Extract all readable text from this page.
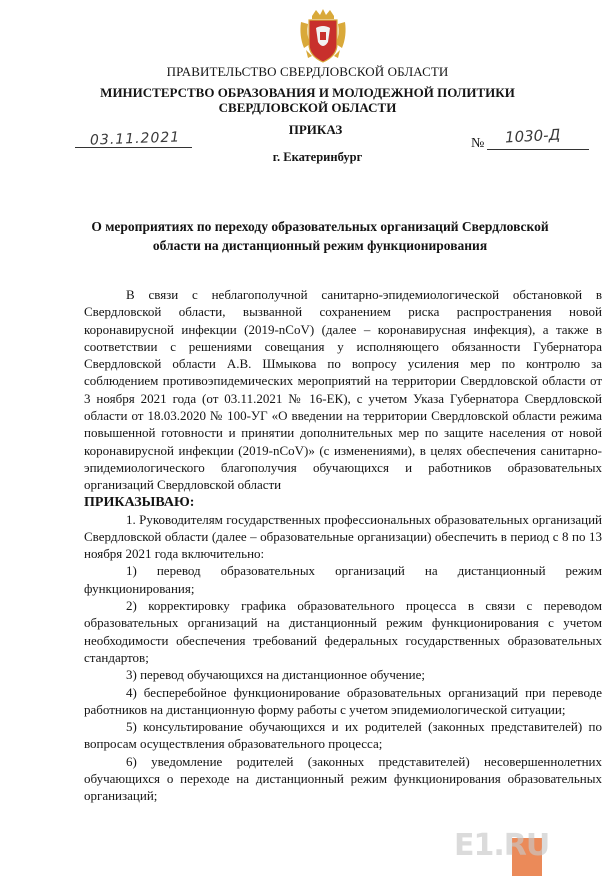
ПРАВИТЕЛЬСТВО СВЕРДЛОВСКОЙ ОБЛАСТИ
МИНИСТЕРСТВО ОБРАЗОВАНИЯ И МОЛОДЕЖНОЙ ПОЛИТИКИ
СВЕРДЛОВСКОЙ ОБЛАСТИ
ПРИКАЗ
03.11.2021	№ 1030-Д
г. Екатеринбург
О мероприятиях по переходу образовательных организаций Свердловской
области на дистанционный режим функционирования

В связи с неблагополучной санитарно-эпидемиологической обстановкой в Свердловской области, вызванной сохранением риска распространения новой коронавирусной инфекции (2019-nCoV) (далее – коронавирусная инфекция), а также в соответствии с решениями совещания у исполняющего обязанности Губернатора Свердловской области А.В. Шмыкова по вопросу усиления мер по контролю за соблюдением противоэпидемических мероприятий на территории Свердловской области от 3 ноября 2021 года (от 03.11.2021 № 16-ЕК), с учетом Указа Губернатора Свердловской области от 18.03.2020 № 100-УГ «О введении на территории Свердловской области режима повышенной готовности и принятии дополнительных мер по защите населения от новой коронавирусной инфекции (2019-nCoV)» (с изменениями), в целях обеспечения санитарно-эпидемиологического благополучия обучающихся и работников образовательных организаций Свердловской области

ПРИКАЗЫВАЮ:

1. Руководителям государственных профессиональных образовательных организаций Свердловской области (далее – образовательные организации) обеспечить в период с 8 по 13 ноября 2021 года включительно:

1) перевод образовательных организаций на дистанционный режим функционирования;

2) корректировку графика образовательного процесса в связи с переводом образовательных организаций на дистанционный режим функционирования с учетом необходимости обеспечения требований федеральных государственных образовательных стандартов;

3) перевод обучающихся на дистанционное обучение;

4) бесперебойное функционирование образовательных организаций при переводе работников на дистанционную форму работы с учетом эпидемиологической ситуации;

5) консультирование обучающихся и их родителей (законных представителей) по вопросам осуществления образовательного процесса;

6) уведомление родителей (законных представителей) несовершеннолетних обучающихся о переходе на дистанционный режим функционирования образовательных организаций;

E1.RU
